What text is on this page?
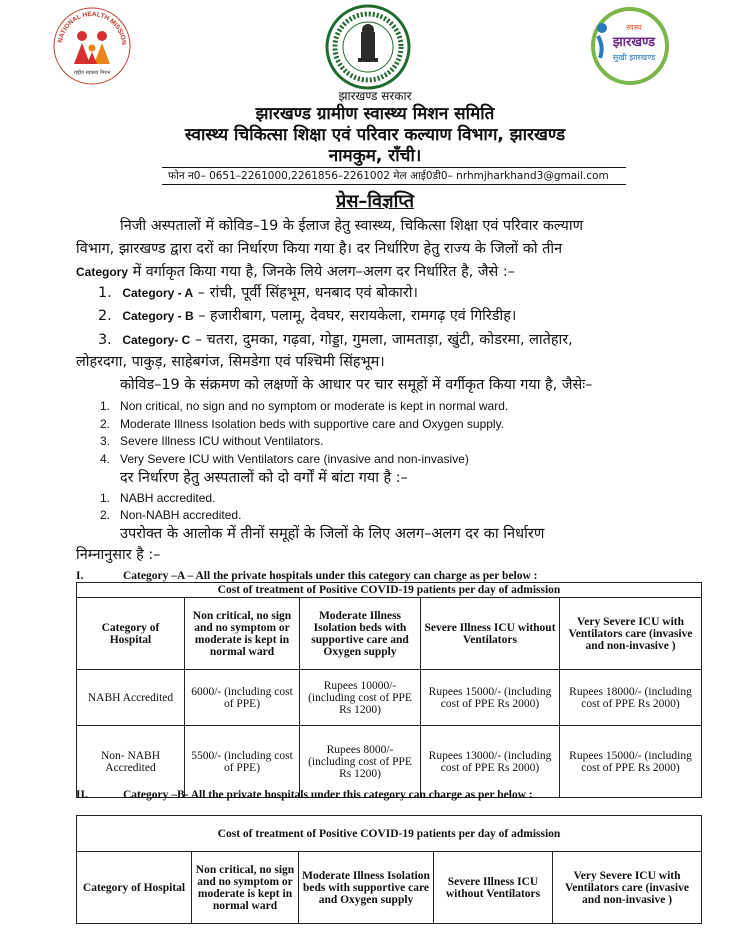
NATIONAL HEALTH MISSION
राष्ट्रीय स्वास्थ्य मिशन
स्वस्थ
झारखण्ड
सुखी झारखण्ड
झारखण्ड सरकार
झारखण्ड ग्रामीण स्वास्थ्य मिशन समिति
स्वास्थ्य चिकित्सा शिक्षा एवं परिवार कल्याण विभाग, झारखण्ड
नामकुम, राँची।
फोन न0– 0651–2261000,2261856–2261002 मेल आई0डी0– nrhmjharkhand3@gmail.com
प्रेस–विज्ञप्ति
निजी अस्पतालों में कोविड–19 के ईलाज हेतु स्वास्थ्य, चिकित्सा शिक्षा एवं परिवार कल्याण
विभाग, झारखण्ड द्वारा दरों का निर्धारण किया गया है। दर निर्धारिण हेतु राज्य के जिलों को तीन
Category में वर्गाकृत किया गया है, जिनके लिये अलग–अलग दर निर्धारित है, जैसे :–
1. Category - A – रांची, पूर्वी सिंहभूम, धनबाद एवं बोकारो।
2. Category - B – हजारीबाग, पलामू, देवघर, सरायकेला, रामगढ़ एवं गिरिडीह।
3. Category- C – चतरा, दुमका, गढ़वा, गोड्डा, गुमला, जामताड़ा, खुंटी, कोडरमा, लातेहार,
लोहरदगा, पाकुड़, साहेबगंज, सिमडेगा एवं पश्चिमी सिंहभूम।
कोविड–19 के संक्रमण को लक्षणों के आधार पर चार समूहों में वर्गीकृत किया गया है, जैसेः–
1. Non critical, no sign and no symptom or moderate is kept in normal ward.
2. Moderate Illness Isolation beds with supportive care and Oxygen supply.
3. Severe Illness ICU without Ventilators.
4. Very Severe ICU with Ventilators care (invasive and non-invasive)
दर निर्धारण हेतु अस्पतालों को दो वर्गों में बांटा गया है :–
1. NABH accredited.
2. Non-NABH accredited.
उपरोक्त के आलोक में तीनों समूहों के जिलों के लिए अलग–अलग दर का निर्धारण
निम्नानुसार है :–
I.	Category –A – All the private hospitals under this category can charge as per below :

Cost of treatment of Positive COVID-19 patients per day of admission				
Category of Hospital	Non critical, no sign and no symptom or moderate is kept in normal ward	Moderate Illness Isolation beds with supportive care and Oxygen supply	Severe Illness ICU without Ventilators	Very Severe ICU with Ventilators care (invasive and non-invasive )
NABH Accredited	6000/- (including cost of PPE)	Rupees 10000/- (including cost of PPE Rs 1200)	Rupees 15000/- (including cost of PPE Rs 2000)	Rupees 18000/- (including cost of PPE Rs 2000)
Non- NABH Accredited	5500/- (including cost of PPE)	Rupees 8000/- (including cost of PPE Rs 1200)	Rupees 13000/- (including cost of PPE Rs 2000)	Rupees 15000/- (including cost of PPE Rs 2000)
II.	Category –B- All the private hospitals under this category can charge as per below :
Cost of treatment of Positive COVID-19 patients per day of admission
Category of Hospital	Non critical, no sign and no symptom or moderate is kept in normal ward	Moderate Illness Isolation beds with supportive care and Oxygen supply	Severe Illness ICU without Ventilators	Very Severe ICU with Ventilators care (invasive and non-invasive )
